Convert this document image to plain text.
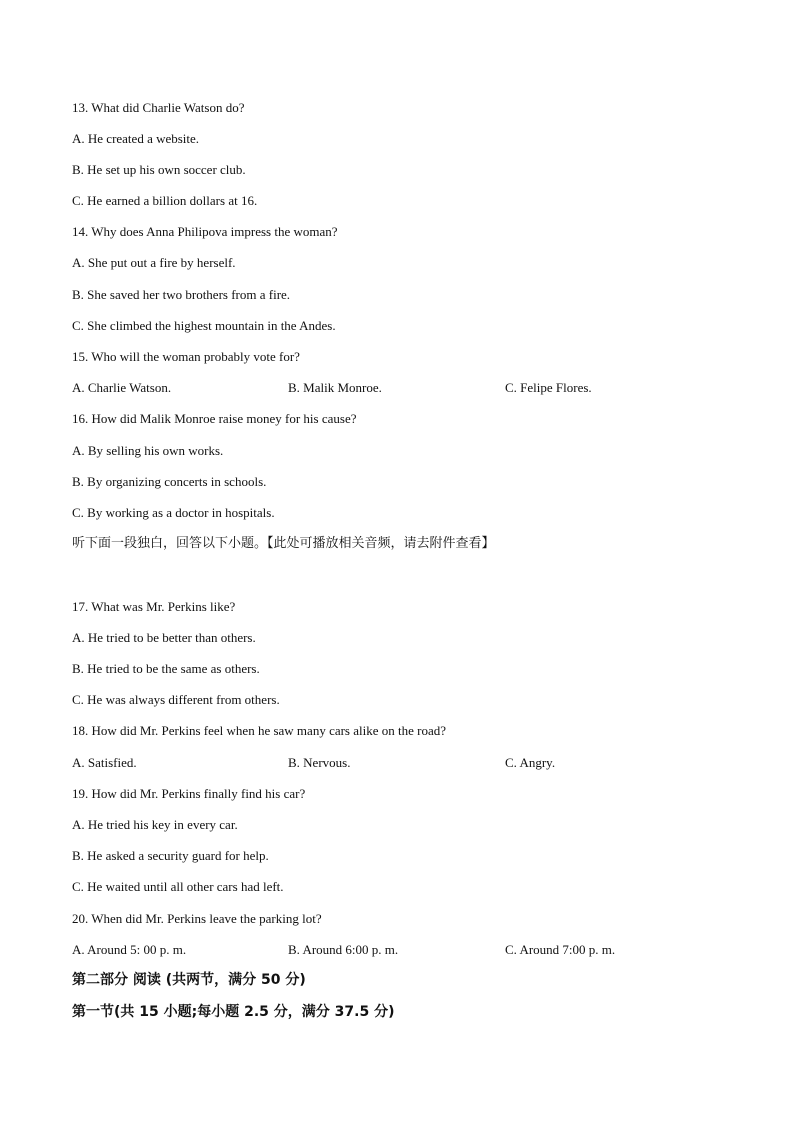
13. What did Charlie Watson do?
A. He created a website.
B. He set up his own soccer club.
C. He earned a billion dollars at 16.
14. Why does Anna Philipova impress the woman?
A. She put out a fire by herself.
B. She saved her two brothers from a fire.
C. She climbed the highest mountain in the Andes.
15. Who will the woman probably vote for?
A. Charlie Watson.	B. Malik Monroe.	C. Felipe Flores.
16. How did Malik Monroe raise money for his cause?
A. By selling his own works.
B. By organizing concerts in schools.
C. By working as a doctor in hospitals.
听下面一段独白，回答以下小题。【此处可播放相关音频，请去附件查看】
17. What was Mr. Perkins like?
A. He tried to be better than others.
B. He tried to be the same as others.
C. He was always different from others.
18. How did Mr. Perkins feel when he saw many cars alike on the road?
A. Satisfied.	B. Nervous.	C. Angry.
19. How did Mr. Perkins finally find his car?
A. He tried his key in every car.
B. He asked a security guard for help.
C. He waited until all other cars had left.
20. When did Mr. Perkins leave the parking lot?
A. Around 5: 00 p. m.	B. Around 6:00 p. m.	C. Around 7:00 p. m.
第二部分 阅读 (共两节，满分 50 分)
第一节(共 15 小题;每小题 2.5 分，满分 37.5 分)
